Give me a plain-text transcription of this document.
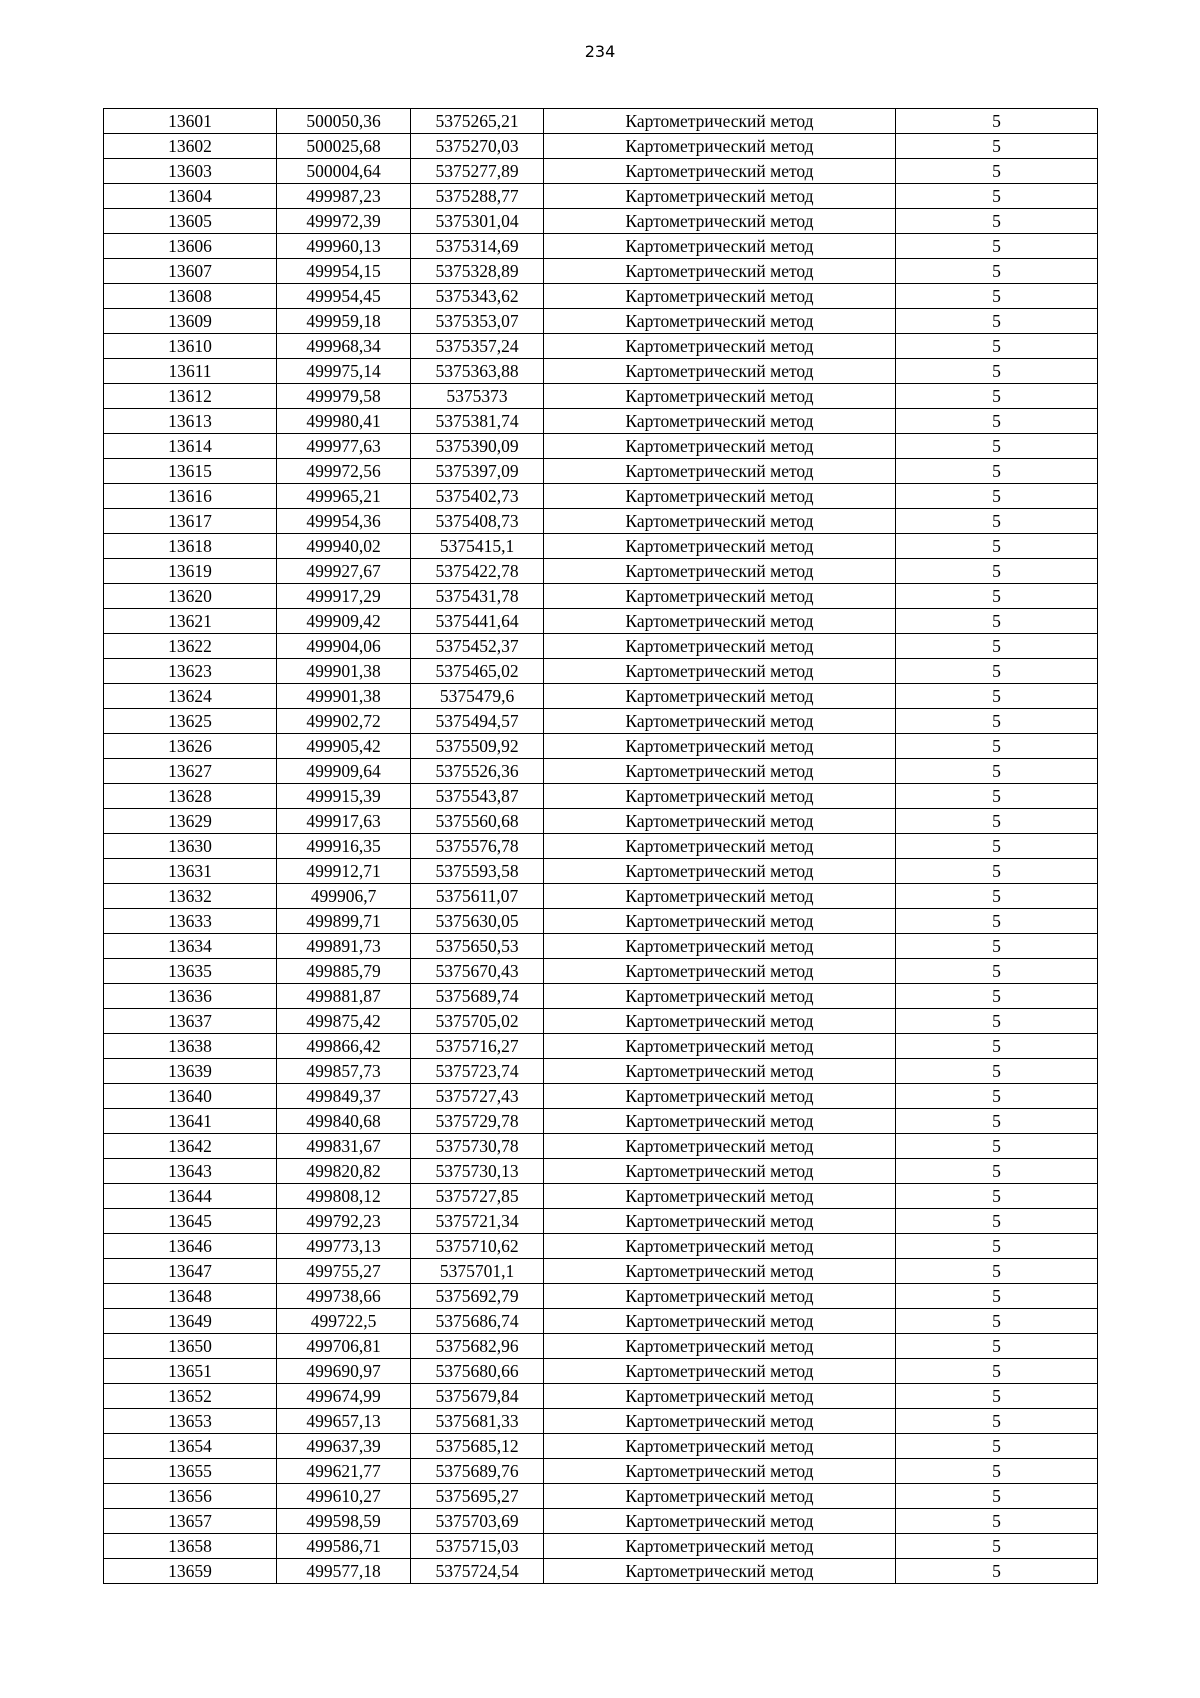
234
13601	500050,36	5375265,21	Картометрический метод	5
13602	500025,68	5375270,03	Картометрический метод	5
13603	500004,64	5375277,89	Картометрический метод	5
13604	499987,23	5375288,77	Картометрический метод	5
13605	499972,39	5375301,04	Картометрический метод	5
13606	499960,13	5375314,69	Картометрический метод	5
13607	499954,15	5375328,89	Картометрический метод	5
13608	499954,45	5375343,62	Картометрический метод	5
13609	499959,18	5375353,07	Картометрический метод	5
13610	499968,34	5375357,24	Картометрический метод	5
13611	499975,14	5375363,88	Картометрический метод	5
13612	499979,58	5375373	Картометрический метод	5
13613	499980,41	5375381,74	Картометрический метод	5
13614	499977,63	5375390,09	Картометрический метод	5
13615	499972,56	5375397,09	Картометрический метод	5
13616	499965,21	5375402,73	Картометрический метод	5
13617	499954,36	5375408,73	Картометрический метод	5
13618	499940,02	5375415,1	Картометрический метод	5
13619	499927,67	5375422,78	Картометрический метод	5
13620	499917,29	5375431,78	Картометрический метод	5
13621	499909,42	5375441,64	Картометрический метод	5
13622	499904,06	5375452,37	Картометрический метод	5
13623	499901,38	5375465,02	Картометрический метод	5
13624	499901,38	5375479,6	Картометрический метод	5
13625	499902,72	5375494,57	Картометрический метод	5
13626	499905,42	5375509,92	Картометрический метод	5
13627	499909,64	5375526,36	Картометрический метод	5
13628	499915,39	5375543,87	Картометрический метод	5
13629	499917,63	5375560,68	Картометрический метод	5
13630	499916,35	5375576,78	Картометрический метод	5
13631	499912,71	5375593,58	Картометрический метод	5
13632	499906,7	5375611,07	Картометрический метод	5
13633	499899,71	5375630,05	Картометрический метод	5
13634	499891,73	5375650,53	Картометрический метод	5
13635	499885,79	5375670,43	Картометрический метод	5
13636	499881,87	5375689,74	Картометрический метод	5
13637	499875,42	5375705,02	Картометрический метод	5
13638	499866,42	5375716,27	Картометрический метод	5
13639	499857,73	5375723,74	Картометрический метод	5
13640	499849,37	5375727,43	Картометрический метод	5
13641	499840,68	5375729,78	Картометрический метод	5
13642	499831,67	5375730,78	Картометрический метод	5
13643	499820,82	5375730,13	Картометрический метод	5
13644	499808,12	5375727,85	Картометрический метод	5
13645	499792,23	5375721,34	Картометрический метод	5
13646	499773,13	5375710,62	Картометрический метод	5
13647	499755,27	5375701,1	Картометрический метод	5
13648	499738,66	5375692,79	Картометрический метод	5
13649	499722,5	5375686,74	Картометрический метод	5
13650	499706,81	5375682,96	Картометрический метод	5
13651	499690,97	5375680,66	Картометрический метод	5
13652	499674,99	5375679,84	Картометрический метод	5
13653	499657,13	5375681,33	Картометрический метод	5
13654	499637,39	5375685,12	Картометрический метод	5
13655	499621,77	5375689,76	Картометрический метод	5
13656	499610,27	5375695,27	Картометрический метод	5
13657	499598,59	5375703,69	Картометрический метод	5
13658	499586,71	5375715,03	Картометрический метод	5
13659	499577,18	5375724,54	Картометрический метод	5
